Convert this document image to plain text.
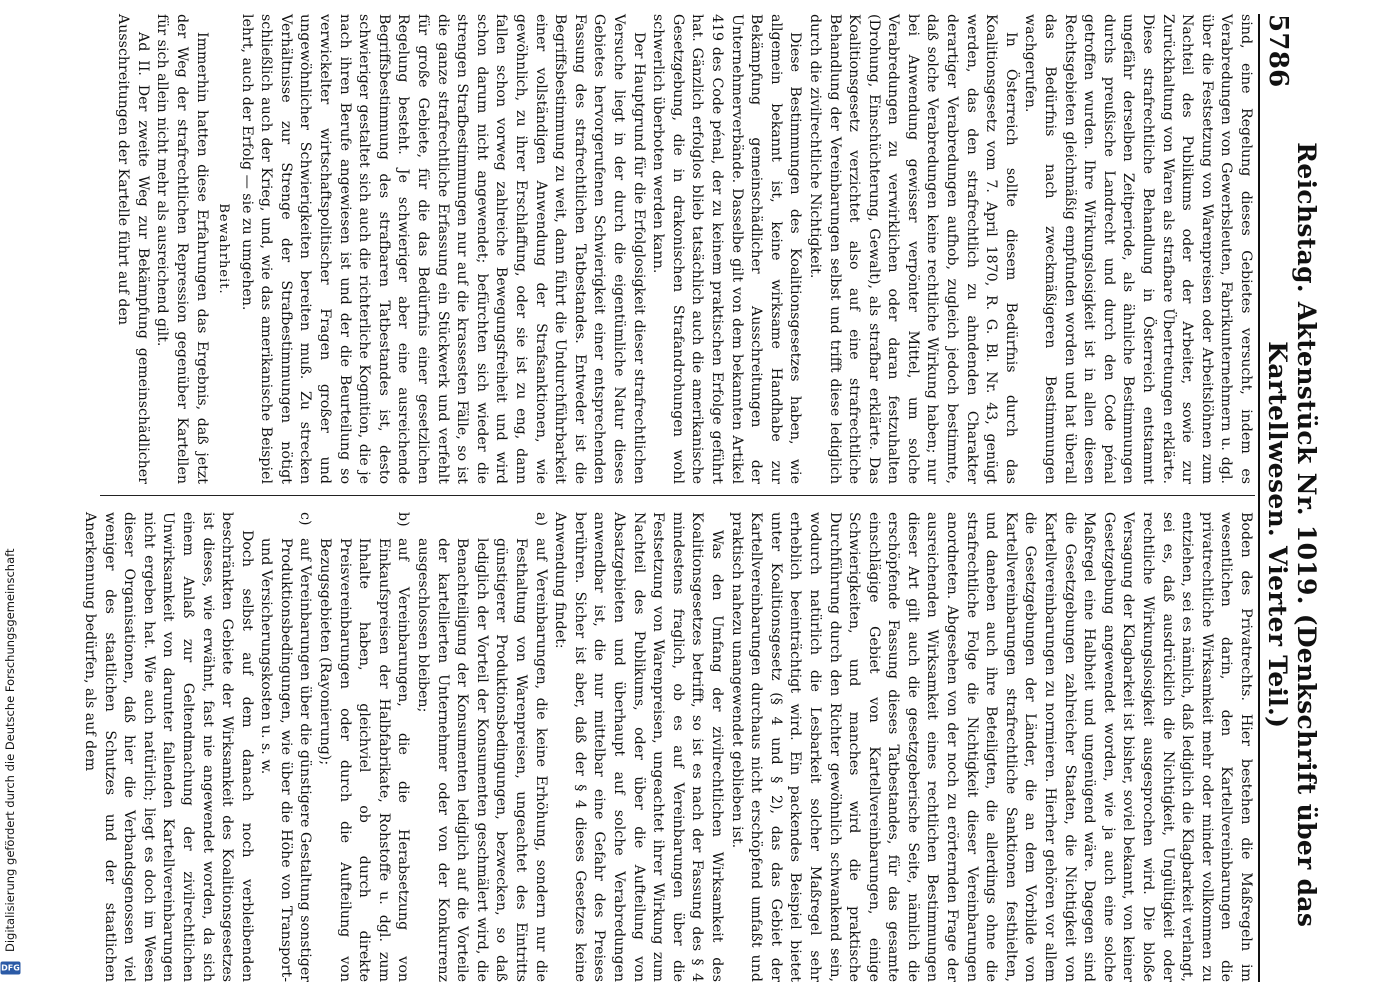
DFG
Digitalisierung gefördert durch die Deutsche Forschungsgemeinschaft
5786
Reichstag. Aktenstück Nr. 1019. (Denkschrift über das Kartellwesen. Vierter Teil.)

sind, eine Regelung dieses Gebietes versucht, indem es Verabredungen von Gewerbsleuten, Fabrikunternehmern u. dgl. über die Festsetzung von Warenpreisen oder Arbeitslöhnen zum Nachteil des Publikums oder der Arbeiter, sowie zur Zurückhaltung von Waren als strafbare Übertretungen erklärte. Diese strafrechtliche Behandlung in Österreich entstammt ungefähr derselben Zeitperiode, als ähnliche Bestimmungen durchs preußische Landrecht und durch den Code pénal getroffen wurden. Ihre Wirkungslosigkeit ist in allen diesen Rechtsgebieten gleichmäßig empfunden worden und hat überall das Bedürfnis nach zweckmäßigeren Bestimmungen wachgerufen.

In Österreich sollte diesem Bedürfnis durch das Koalitionsgesetz vom 7. April 1870, R. G. Bl. Nr. 43, genügt werden, das den strafrechtlich zu ahndenden Charakter derartiger Verabredungen aufhob, zugleich jedoch bestimmte, daß solche Verabredungen keine rechtliche Wirkung haben; nur bei Anwendung gewisser verpönter Mittel, um solche Verabredungen zu verwirklichen oder daran festzuhalten (Drohung, Einschüchterung, Gewalt), als strafbar erklärte. Das Koalitionsgesetz verzichtet also auf eine strafrechtliche Behandlung der Vereinbarungen selbst und trifft diese lediglich durch die zivilrechtliche Nichtigkeit.

Diese Bestimmungen des Koalitionsgesetzes haben, wie allgemein bekannt ist, keine wirksame Handhabe zur Bekämpfung gemeinschädlicher Ausschreitungen der Unternehmerverbände. Dasselbe gilt von dem bekannten Artikel 419 des Code pénal, der zu keinem praktischen Erfolge geführt hat. Gänzlich erfolglos blieb tatsächlich auch die amerikanische Gesetzgebung, die in drakonischen Strafandrohungen wohl schwerlich überboten werden kann.

Der Hauptgrund für die Erfolglosigkeit dieser strafrechtlichen Versuche liegt in der durch die eigentümliche Natur dieses Gebietes hervorgerufenen Schwierigkeit einer entsprechenden Fassung des strafrechtlichen Tatbestandes. Entweder ist die Begriffsbestimmung zu weit, dann führt die Undurchführbarkeit einer vollständigen Anwendung der Strafsanktionen, wie gewöhnlich, zu ihrer Erschlaffung, oder sie ist zu eng, dann fallen schon vorweg zahlreiche Bewegungsfreiheit und wird schon darum nicht angewendet; befürchten sich wieder die strengen Strafbestimmungen nur auf die krassesten Fälle, so ist die ganze strafrechtliche Erfassung ein Stückwerk und verfehlt für große Gebiete, für die das Bedürfnis einer gesetzlichen Regelung besteht. Je schwieriger aber eine ausreichende Begriffsbestimmung des strafbaren Tatbestandes ist, desto schwieriger gestaltet sich auch die richterliche Kognition, die je nach ihren Berufe angewiesen ist und der die Beurteilung so verwickelter wirtschaftspolitischer Fragen großer und ungewöhnlicher Schwierigkeiten bereiten muß. Zu strecken Verhältnisse zur Strenge der Strafbestimmungen nötigt schließlich auch der Krieg, und, wie das amerikanische Beispiel lehrt, auch der Erfolg — sie zu umgehen.

Bewahrheit.

Immerhin hatten diese Erfahrungen das Ergebnis, daß jetzt der Weg der strafrechtlichen Repression gegenüber Kartellen für sich allein nicht mehr als ausreichend gilt.

Ad II. Der zweite Weg zur Bekämpfung gemeinschädlicher Ausschreitungen der Kartelle führt auf den

Boden des Privatrechts. Hier bestehen die Maßregeln im wesentlichen darin, den Kartellvereinbarungen die privatrechtliche Wirksamkeit mehr oder minder vollkommen zu entziehen, sei es nämlich, daß lediglich die Klagbarkeit verlangt, sei es, daß ausdrücklich die Nichtigkeit, Ungültigkeit oder rechtliche Wirkungslosigkeit ausgesprochen wird. Die bloße Versagung der Klagbarkeit ist bisher, soviel bekannt, von keiner Gesetzgebung angewendet worden, wie ja auch eine solche Maßregel eine Halbheit und ungenügend wäre. Dagegen sind die Gesetzgebungen zahlreicher Staaten, die Nichtigkeit von Kartellvereinbarungen zu normieren. Hierher gehören vor allem die Gesetzgebungen der Länder, die an dem Vorbilde von Kartellvereinbarungen strafrechtliche Sanktionen festhielten, und daneben auch ihre Beteiligten, die allerdings ohne die strafrechtliche Folge die Nichtigkeit dieser Vereinbarungen anordneten. Abgesehen von der noch zu erörternden Frage der ausreichenden Wirksamkeit eines rechtlichen Bestimmungen dieser Art gilt auch die gesetzgeberische Seite, nämlich die erschöpfende Fassung dieses Tatbestandes, für das gesamte einschlägige Gebiet von Kartellvereinbarungen, einige Schwierigkeiten, und manches wird die praktische Durchführung durch den Richter gewöhnlich schwankend sein, wodurch natürlich die Lesbarkeit solcher Maßregel sehr erheblich beeinträchtigt wird. Ein packendes Beispiel bietet unter Koalitionsgesetz (§ 4 und § 2), das das Gebiet der Kartellvereinbarungen durchaus nicht erschöpfend umfaßt und praktisch nahezu unangewendet geblieben ist.

Was den Umfang der zivilrechtlichen Wirksamkeit des Koalitionsgesetzes betrifft, so ist es nach der Fassung des § 4 mindestens fraglich, ob es auf Vereinbarungen über die Festsetzung von Warenpreisen, ungeachtet ihrer Wirkung zum Nachteil des Publikums, oder über die Aufteilung von Absatzgebieten und überhaupt auf solche Verabredungen anwendbar ist, die nur mittelbar eine Gefahr des Preises berühren. Sicher ist aber, daß der § 4 dieses Gesetzes keine Anwendung findet:

a)
auf Vereinbarungen, die keine Erhöhung, sondern nur die Festhaltung von Warenpreisen, ungeachtet des Eintritts günstigerer Produktionsbedingungen, bezwecken, so daß lediglich der Vorteil der Konsumenten geschmälert wird, die Benachteiligung der Konsumenten lediglich auf die Vorteile der kartellierten Unternehmer oder von der Konkurrenz ausgeschlossen bleiben;

b)
auf Vereinbarungen, die die Herabsetzung von Einkaufspreisen der Halbfabrikate, Rohstoffe u. dgl. zum Inhalte haben, gleichviel ob durch direkte Preisvereinbarungen oder durch die Aufteilung von Bezugsgebieten (Rayonierung);

c)
auf Vereinbarungen über die günstigere Gestaltung sonstiger Produktionsbedingungen, wie über die Höhe von Transport- und Versicherungskosten u. s. w.

Doch selbst auf dem danach noch verbleibenden beschränkten Gebiete der Wirksamkeit des Koalitionsgesetzes ist dieses, wie erwähnt, fast nie angewendet worden, da sich einem Anlaß zur Geltendmachung der zivilrechtlichen Unwirksamkeit von darunter fallenden Kartellvereinbarungen nicht ergeben hat. Wie auch natürlich; liegt es doch im Wesen dieser Organisationen, daß hier die Verbandsgenossen viel weniger des staatlichen Schutzes und der staatlichen Anerkennung bedürfen, als auf dem
